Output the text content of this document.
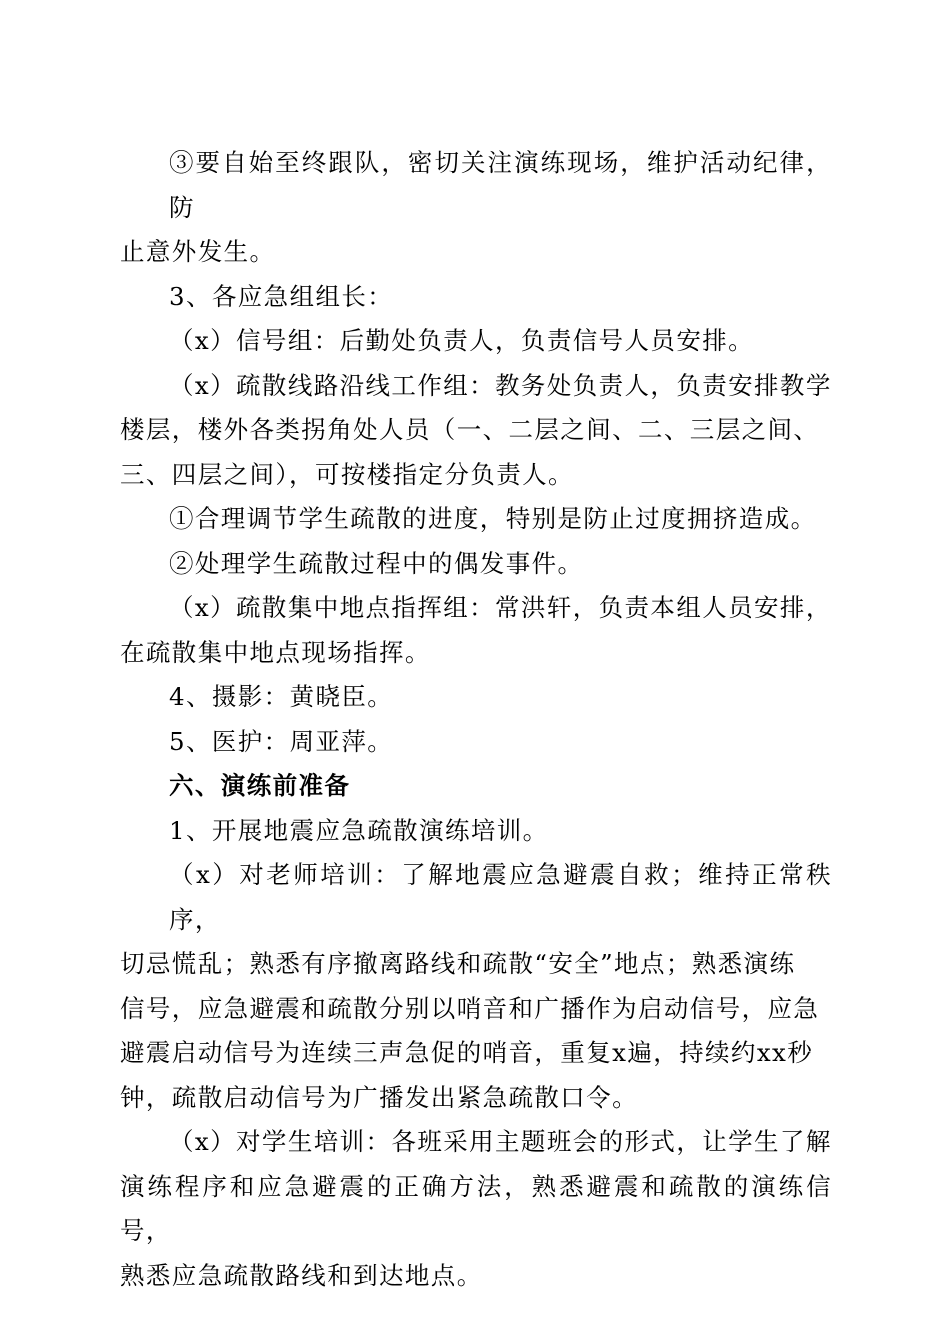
③要自始至终跟队，密切关注演练现场，维护活动纪律，防
止意外发生。

3、各应急组组长：

（x）信号组：后勤处负责人，负责信号人员安排。

（x）疏散线路沿线工作组：教务处负责人，负责安排教学
楼层，楼外各类拐角处人员（一、二层之间、二、三层之间、
三、四层之间），可按楼指定分负责人。

①合理调节学生疏散的进度，特别是防止过度拥挤造成。

②处理学生疏散过程中的偶发事件。

（x）疏散集中地点指挥组：常洪轩，负责本组人员安排，
在疏散集中地点现场指挥。

4、摄影：黄晓臣。

5、医护：周亚萍。

六、演练前准备

1、开展地震应急疏散演练培训。

（x）对老师培训：了解地震应急避震自救；维持正常秩序，
切忌慌乱；熟悉有序撤离路线和疏散“安全”地点；熟悉演练
信号，应急避震和疏散分别以哨音和广播作为启动信号，应急
避震启动信号为连续三声急促的哨音，重复x遍，持续约xx秒
钟，疏散启动信号为广播发出紧急疏散口令。

（x）对学生培训：各班采用主题班会的形式，让学生了解
演练程序和应急避震的正确方法，熟悉避震和疏散的演练信号，
熟悉应急疏散路线和到达地点。
